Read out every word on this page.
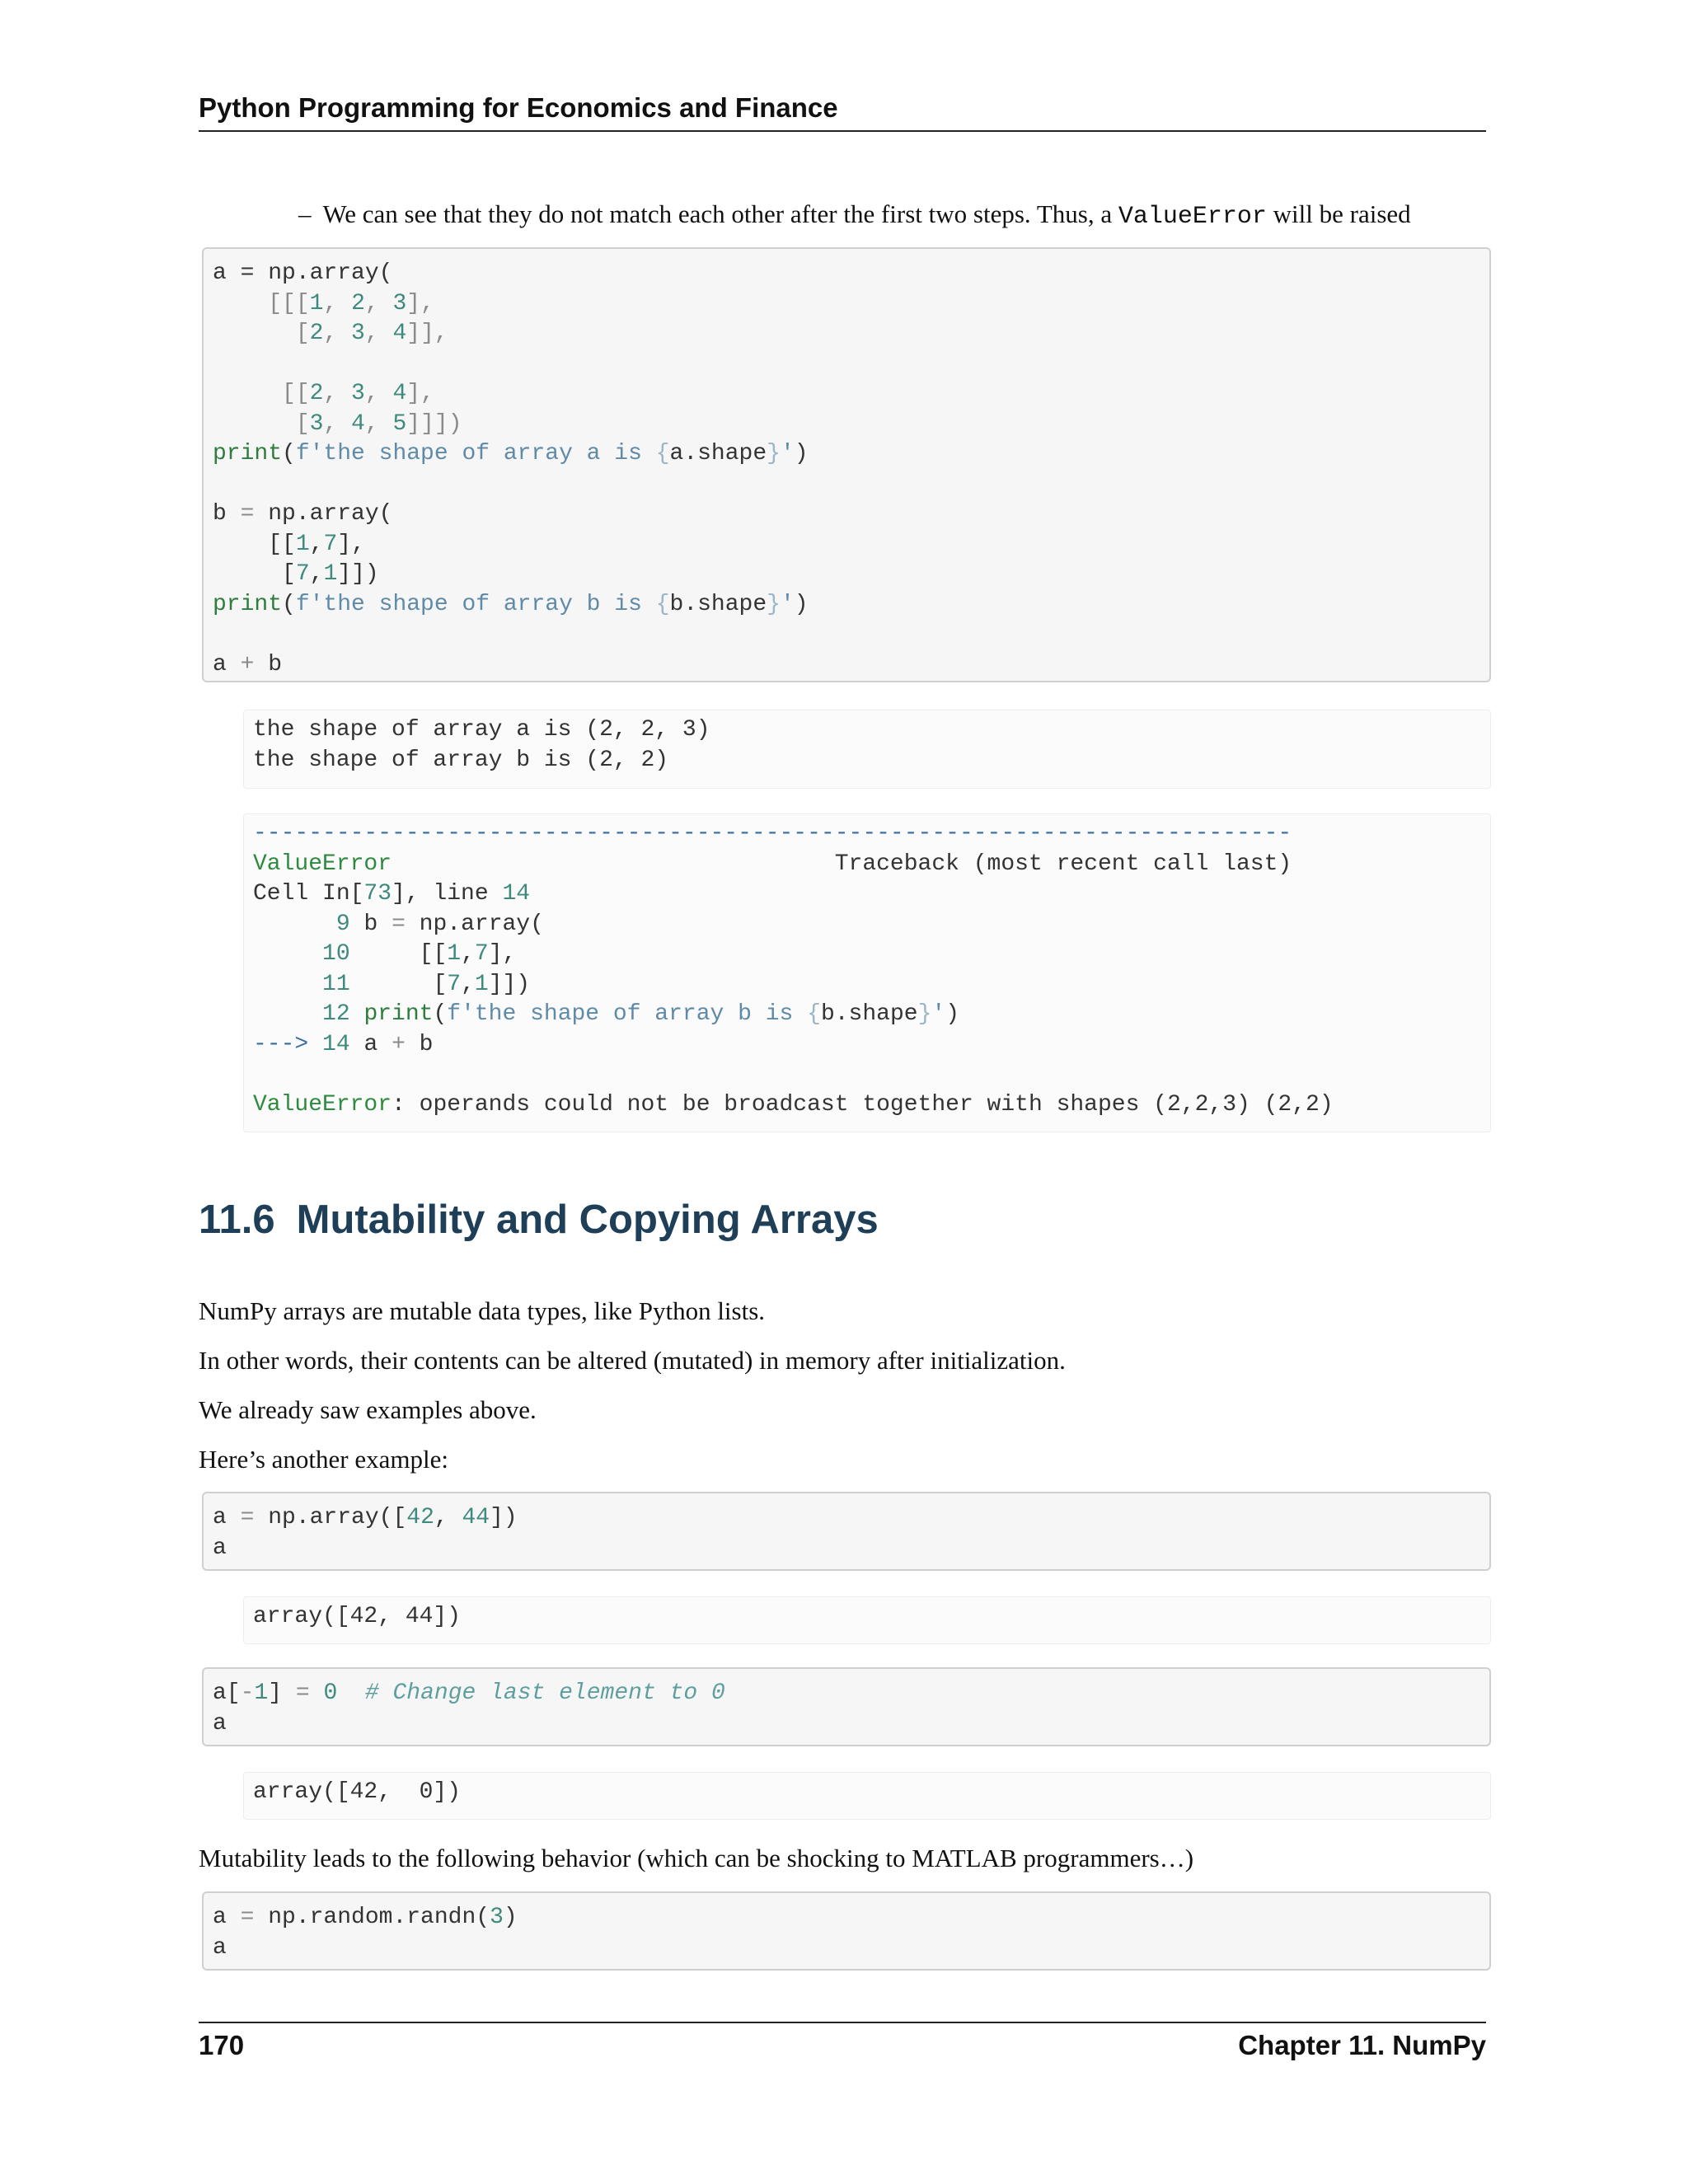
Python Programming for Economics and Finance
– We can see that they do not match each other after the first two steps. Thus, a ValueError will be raised
a = np.array(
[[[1, 2, 3],
[2, 3, 4]],

[[2, 3, 4],
[3, 4, 5]]])
print(f'the shape of array a is {a.shape}')

b = np.array(
[[1,7],
[7,1]])
print(f'the shape of array b is {b.shape}')

a + b
the shape of array a is (2, 2, 3)
the shape of array b is (2, 2)
---------------------------------------------------------------------------
ValueError	Traceback (most recent call last)
Cell In[73], line 14
9 b = np.array(
10     [[1,7],
11      [7,1]])
12 print(f'the shape of array b is {b.shape}')
---> 14 a + b

ValueError: operands could not be broadcast together with shapes (2,2,3) (2,2)
11.6 Mutability and Copying Arrays
NumPy arrays are mutable data types, like Python lists.
In other words, their contents can be altered (mutated) in memory after initialization.
We already saw examples above.
Here’s another example:
a = np.array([42, 44])
a
array([42, 44])
a[-1] = 0 # Change last element to 0
a
array([42,  0])
Mutability leads to the following behavior (which can be shocking to MATLAB programmers…)
a = np.random.randn(3)
a
170	Chapter 11. NumPy
